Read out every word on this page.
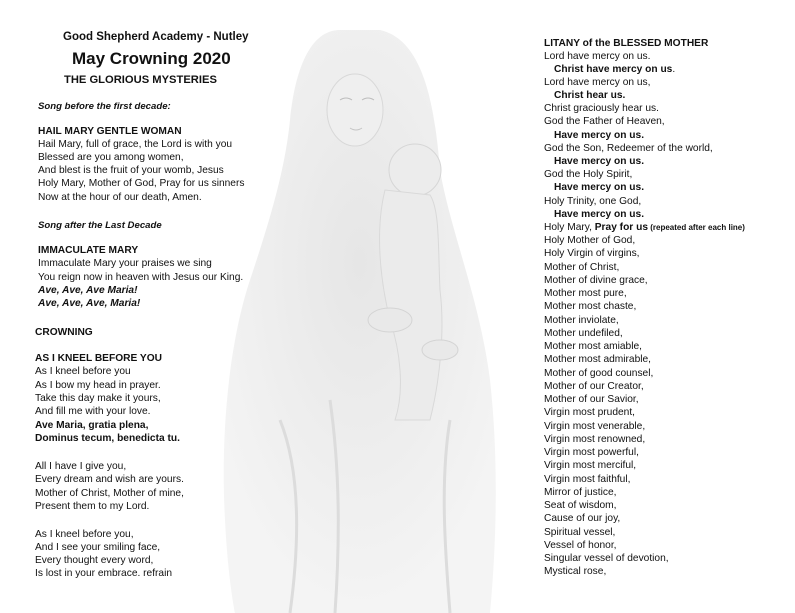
Good Shepherd Academy - Nutley
May Crowning 2020
THE GLORIOUS MYSTERIES
Song before the first decade:
HAIL MARY GENTLE WOMAN
Hail Mary, full of grace, the Lord is with you
Blessed are you among women,
And blest is the fruit of your womb, Jesus
Holy Mary, Mother of God, Pray for us sinners
Now at the hour of our death, Amen.
Song after the Last Decade
IMMACULATE MARY
Immaculate Mary your praises we sing
You reign now in heaven with Jesus our King.
Ave, Ave, Ave Maria!
Ave, Ave, Ave, Maria!
CROWNING
AS I KNEEL BEFORE YOU
As I kneel before you
As I bow my head in prayer.
Take this day make it yours,
And fill me with your love.
Ave Maria, gratia plena,
Dominus tecum, benedicta tu.
All I have I give you,
Every dream and wish are yours.
Mother of Christ, Mother of mine,
Present them to my Lord.
As I kneel before you,
And I see your smiling face,
Every thought every word,
Is lost in your embrace. refrain
LITANY of the BLESSED MOTHER
Lord have mercy on us.
Christ have mercy on us.
Lord have mercy on us,
Christ hear us.
Christ graciously hear us.
God the Father of Heaven,
Have mercy on us.
God the Son, Redeemer of the world,
Have mercy on us.
God the Holy Spirit,
Have mercy on us.
Holy Trinity, one God,
Have mercy on us.
Holy Mary, Pray for us (repeated after each line)
Holy Mother of God,
Holy Virgin of virgins,
Mother of Christ,
Mother of divine grace,
Mother most pure,
Mother most chaste,
Mother inviolate,
Mother undefiled,
Mother most amiable,
Mother most admirable,
Mother of good counsel,
Mother of our Creator,
Mother of our Savior,
Virgin most prudent,
Virgin most venerable,
Virgin most renowned,
Virgin most powerful,
Virgin most merciful,
Virgin most faithful,
Mirror of justice,
Seat of wisdom,
Cause of our joy,
Spiritual vessel,
Vessel of honor,
Singular vessel of devotion,
Mystical rose,
